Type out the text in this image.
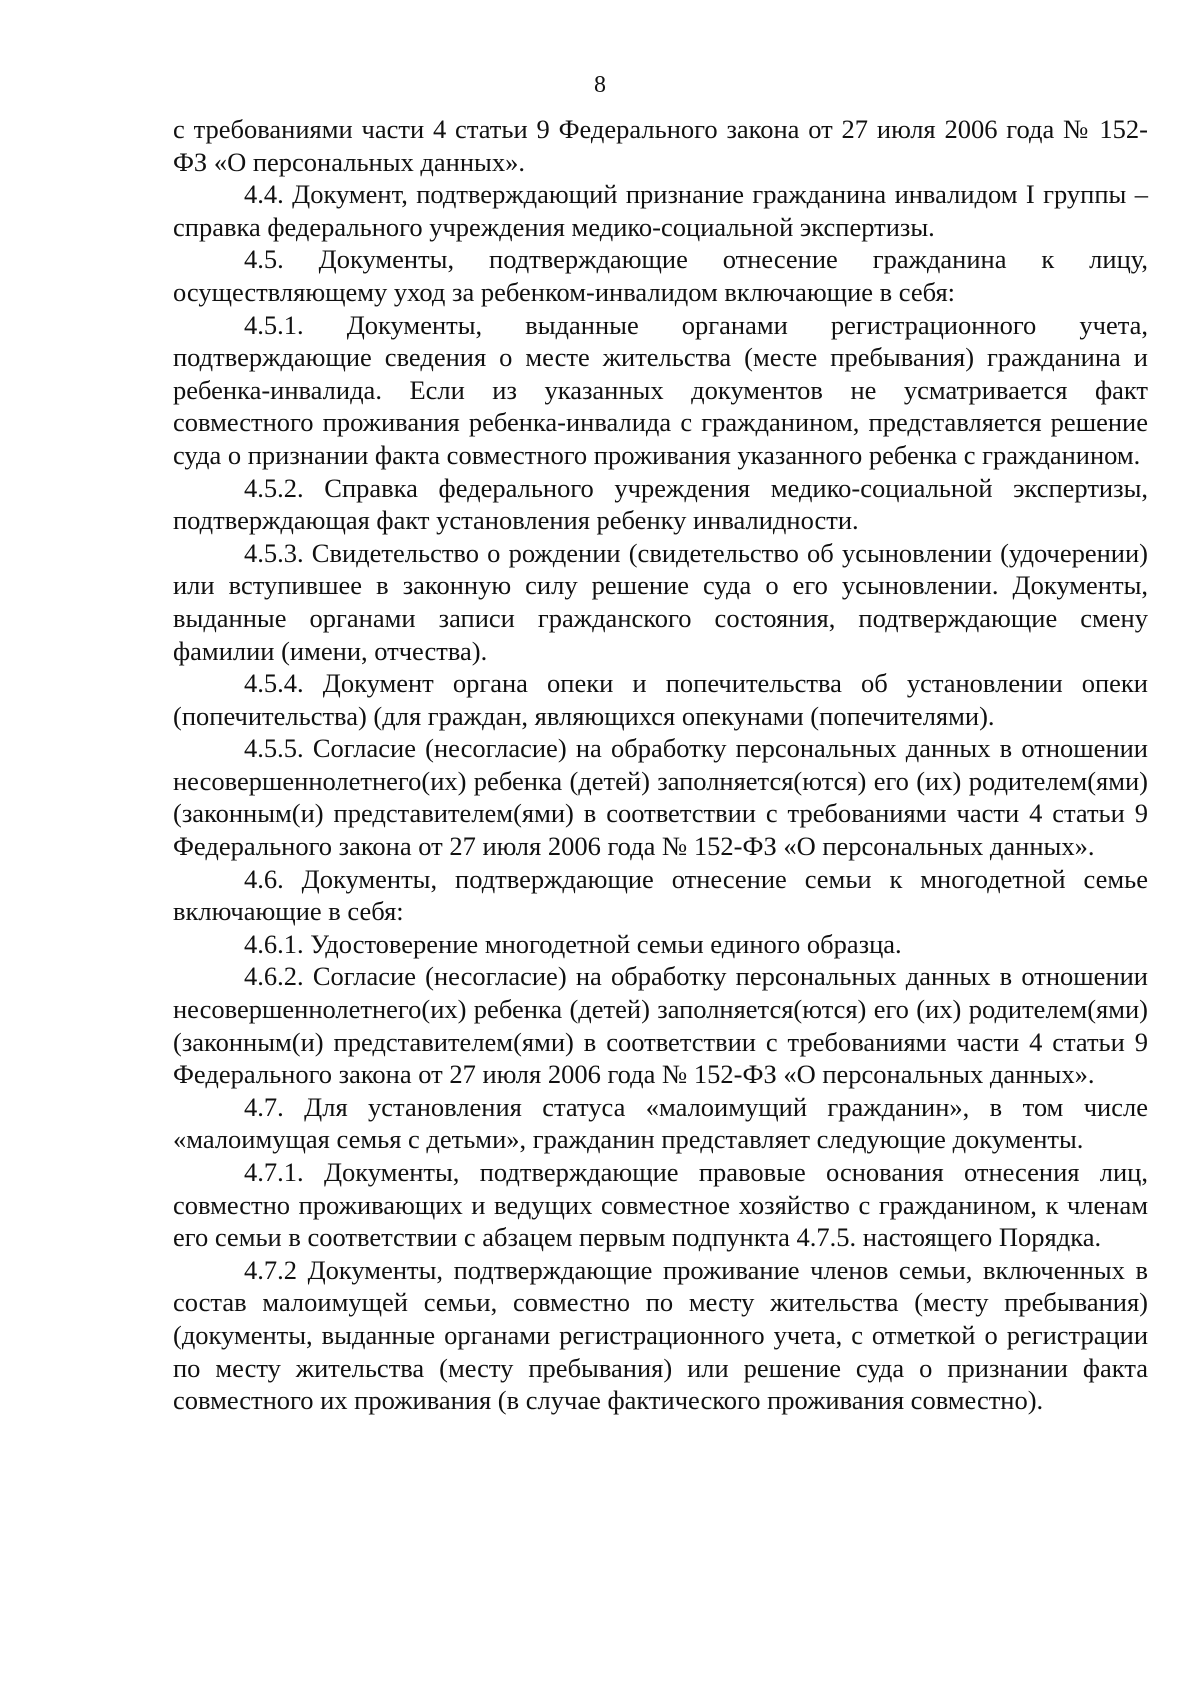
8

с требованиями части 4 статьи 9 Федерального закона от 27 июля 2006 года № 152-ФЗ «О персональных данных».

4.4. Документ, подтверждающий признание гражданина инвалидом I группы – справка федерального учреждения медико-социальной экспертизы.

4.5. Документы, подтверждающие отнесение гражданина к лицу, осуществляющему уход за ребенком-инвалидом включающие в себя:

4.5.1. Документы, выданные органами регистрационного учета, подтверждающие сведения о месте жительства (месте пребывания) гражданина и ребенка-инвалида. Если из указанных документов не усматривается факт совместного проживания ребенка-инвалида с гражданином, представляется решение суда о признании факта совместного проживания указанного ребенка с гражданином.

4.5.2. Справка федерального учреждения медико-социальной экспертизы, подтверждающая факт установления ребенку инвалидности.

4.5.3. Свидетельство о рождении (свидетельство об усыновлении (удочерении) или вступившее в законную силу решение суда о его усыновлении. Документы, выданные органами записи гражданского состояния, подтверждающие смену фамилии (имени, отчества).

4.5.4. Документ органа опеки и попечительства об установлении опеки (попечительства) (для граждан, являющихся опекунами (попечителями).

4.5.5. Согласие (несогласие) на обработку персональных данных в отношении несовершеннолетнего(их) ребенка (детей) заполняется(ются) его (их) родителем(ями) (законным(и) представителем(ями) в соответствии с требованиями части 4 статьи 9 Федерального закона от 27 июля 2006 года № 152-ФЗ «О персональных данных».

4.6. Документы, подтверждающие отнесение семьи к многодетной семье включающие в себя:

4.6.1. Удостоверение многодетной семьи единого образца.

4.6.2. Согласие (несогласие) на обработку персональных данных в отношении несовершеннолетнего(их) ребенка (детей) заполняется(ются) его (их) родителем(ями) (законным(и) представителем(ями) в соответствии с требованиями части 4 статьи 9 Федерального закона от 27 июля 2006 года № 152-ФЗ «О персональных данных».

4.7. Для установления статуса «малоимущий гражданин», в том числе «малоимущая семья с детьми», гражданин представляет следующие документы.

4.7.1. Документы, подтверждающие правовые основания отнесения лиц, совместно проживающих и ведущих совместное хозяйство с гражданином, к членам его семьи в соответствии с абзацем первым подпункта 4.7.5. настоящего Порядка.

4.7.2 Документы, подтверждающие проживание членов семьи, включенных в состав малоимущей семьи, совместно по месту жительства (месту пребывания) (документы, выданные органами регистрационного учета, с отметкой о регистрации по месту жительства (месту пребывания) или решение суда о признании факта совместного их проживания (в случае фактического проживания совместно).
